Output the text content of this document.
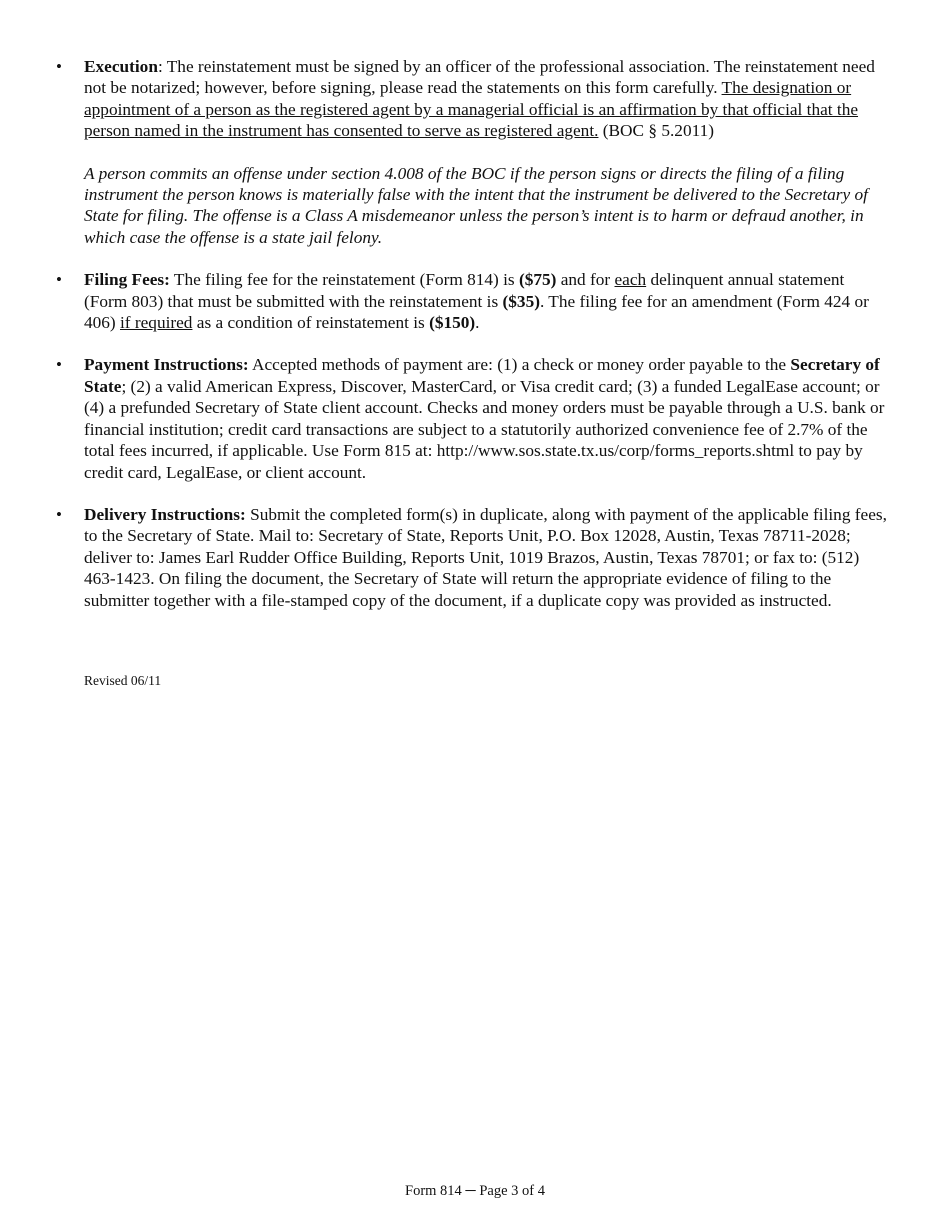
• Execution: The reinstatement must be signed by an officer of the professional association. The reinstatement need not be notarized; however, before signing, please read the statements on this form carefully. The designation or appointment of a person as the registered agent by a managerial official is an affirmation by that official that the person named in the instrument has consented to serve as registered agent. (BOC § 5.2011)

A person commits an offense under section 4.008 of the BOC if the person signs or directs the filing of a filing instrument the person knows is materially false with the intent that the instrument be delivered to the Secretary of State for filing. The offense is a Class A misdemeanor unless the person’s intent is to harm or defraud another, in which case the offense is a state jail felony.

• Filing Fees: The filing fee for the reinstatement (Form 814) is ($75) and for each delinquent annual statement (Form 803) that must be submitted with the reinstatement is ($35). The filing fee for an amendment (Form 424 or 406) if required as a condition of reinstatement is ($150).

• Payment Instructions: Accepted methods of payment are: (1) a check or money order payable to the Secretary of State; (2) a valid American Express, Discover, MasterCard, or Visa credit card; (3) a funded LegalEase account; or (4) a prefunded Secretary of State client account. Checks and money orders must be payable through a U.S. bank or financial institution; credit card transactions are subject to a statutorily authorized convenience fee of 2.7% of the total fees incurred, if applicable. Use Form 815 at: http://www.sos.state.tx.us/corp/forms_reports.shtml to pay by credit card, LegalEase, or client account.

• Delivery Instructions: Submit the completed form(s) in duplicate, along with payment of the applicable filing fees, to the Secretary of State. Mail to: Secretary of State, Reports Unit, P.O. Box 12028, Austin, Texas 78711-2028; deliver to: James Earl Rudder Office Building, Reports Unit, 1019 Brazos, Austin, Texas 78701; or fax to: (512) 463-1423. On filing the document, the Secretary of State will return the appropriate evidence of filing to the submitter together with a file-stamped copy of the document, if a duplicate copy was provided as instructed.

Revised 06/11
Form 814 ─ Page 3 of 4
